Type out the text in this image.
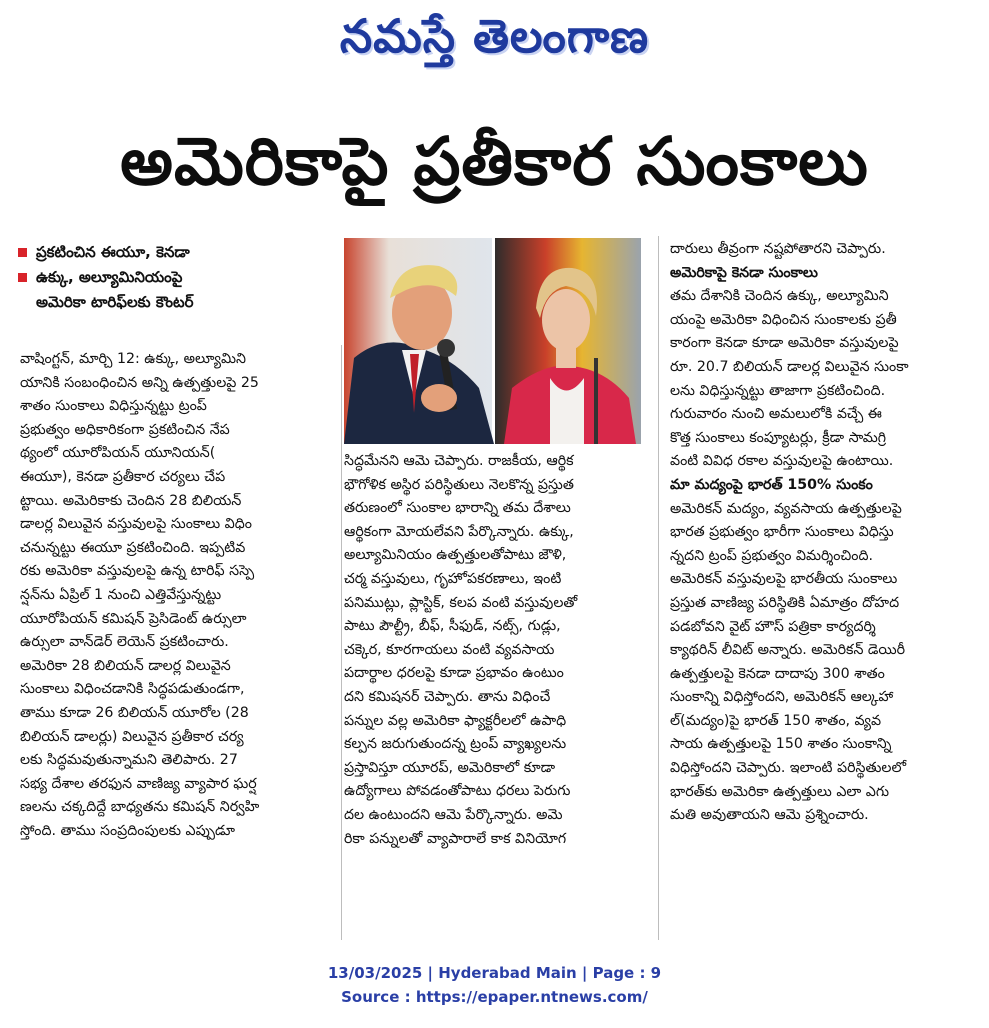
నమస్తే తెలంగాణ
అమెరికాపై ప్రతీకార సుంకాలు
ప్రకటించిన ఈయూ, కెనడా
ఉక్కు, అల్యూమినియంపై
అమెరికా టారిఫ్‌లకు కౌంటర్
వాషింగ్టన్, మార్చి 12: ఉక్కు, అల్యూమిని
యానికి సంబంధించిన అన్ని ఉత్పత్తులపై 25
శాతం సుంకాలు విధిస్తున్నట్టు ట్రంప్
ప్రభుత్వం అధికారికంగా ప్రకటించిన నేప
థ్యంలో యూరోపియన్ యూనియన్(
ఈయూ), కెనడా ప్రతీకార చర్యలు చేప
ట్టాయి. అమెరికాకు చెందిన 28 బిలియన్
డాలర్ల విలువైన వస్తువులపై సుంకాలు విధిం
చనున్నట్టు ఈయూ ప్రకటించింది. ఇప్పటివ
రకు అమెరికా వస్తువులపై ఉన్న టారిఫ్ సస్పె
న్షన్‌ను ఏప్రిల్ 1 నుంచి ఎత్తివేస్తున్నట్టు
యూరోపియన్ కమిషన్ ప్రెసిడెంట్ ఉర్సులా
ఉర్సులా వాన్‌డెర్ లెయెన్ ప్రకటించారు.
అమెరికా 28 బిలియన్ డాలర్ల విలువైన
సుంకాలు విధించడానికి సిద్ధపడుతుండగా,
తాము కూడా 26 బిలియన్ యూరోల (28
బిలియన్ డాలర్లు) విలువైన ప్రతీకార చర్య
లకు సిద్ధమవుతున్నామని తెలిపారు. 27
సభ్య దేశాల తరఫున వాణిజ్య వ్యాపార ఘర్ష
ణలను చక్కదిద్దే బాధ్యతను కమిషన్ నిర్వహి
స్తోంది. తాము సంప్రదింపులకు ఎప్పుడూ
సిద్ధమేనని ఆమె చెప్పారు. రాజకీయ, ఆర్థిక
భౌగోళిక అస్థిర పరిస్థితులు నెలకొన్న ప్రస్తుత
తరుణంలో సుంకాల భారాన్ని తమ దేశాలు
ఆర్థికంగా మోయలేవని పేర్కొన్నారు. ఉక్కు,
అల్యూమినియం ఉత్పత్తులతోపాటు జౌళి,
చర్మ వస్తువులు, గృహోపకరణాలు, ఇంటి
పనిముట్లు, ప్లాస్టిక్, కలప వంటి వస్తువులతో
పాటు పౌల్ట్రీ, బీఫ్, సీఫుడ్, నట్స్, గుడ్లు,
చక్కెర, కూరగాయలు వంటి వ్యవసాయ
పదార్థాల ధరలపై కూడా ప్రభావం ఉంటుం
దని కమిషనర్ చెప్పారు. తాను విధించే
పన్నుల వల్ల అమెరికా ఫ్యాక్టరీలలో ఉపాధి
కల్పన జరుగుతుందన్న ట్రంప్ వ్యాఖ్యలను
ప్రస్తావిస్తూ యూరప్, అమెరికాలో కూడా
ఉద్యోగాలు పోవడంతోపాటు ధరలు పెరుగు
దల ఉంటుందని ఆమె పేర్కొన్నారు. అమె
రికా పన్నులతో వ్యాపారాలే కాక వినియోగ
దారులు తీవ్రంగా నష్టపోతారని చెప్పారు.
అమెరికాపై కెనడా సుంకాలు
తమ దేశానికి చెందిన ఉక్కు, అల్యూమిని
యంపై అమెరికా విధించిన సుంకాలకు ప్రతీ
కారంగా కెనడా కూడా అమెరికా వస్తువులపై
రూ. 20.7 బిలియన్ డాలర్ల విలువైన సుంకా
లను విధిస్తున్నట్టు తాజాగా ప్రకటించింది.
గురువారం నుంచి అమలులోకి వచ్చే ఈ
కొత్త సుంకాలు కంప్యూటర్లు, క్రీడా సామగ్రి
వంటి వివిధ రకాల వస్తువులపై ఉంటాయి.
మా మద్యంపై భారత్ 150% సుంకం
అమెరికన్ మద్యం, వ్యవసాయ ఉత్పత్తులపై
భారత ప్రభుత్వం భారీగా సుంకాలు విధిస్తు
న్నదని ట్రంప్ ప్రభుత్వం విమర్శించింది.
అమెరికన్ వస్తువులపై భారతీయ సుంకాలు
ప్రస్తుత వాణిజ్య పరిస్థితికి ఏమాత్రం దోహద
పడబోవని వైట్ హౌస్ పత్రికా కార్యదర్శి
క్యాథరిన్ లీవిట్ అన్నారు. అమెరికన్ డెయిరీ
ఉత్పత్తులపై కెనడా దాదాపు 300 శాతం
సుంకాన్ని విధిస్తోందని, అమెరికన్ ఆల్కహా
ల్(మద్యం)పై భారత్ 150 శాతం, వ్యవ
సాయ ఉత్పత్తులపై 150 శాతం సుంకాన్ని
విధిస్తోందని చెప్పారు. ఇలాంటి పరిస్థితులలో
భారత్‌కు అమెరికా ఉత్పత్తులు ఎలా ఎగు
మతి అవుతాయని ఆమె ప్రశ్నించారు.
13/03/2025 | Hyderabad Main | Page : 9
Source : https://epaper.ntnews.com/
